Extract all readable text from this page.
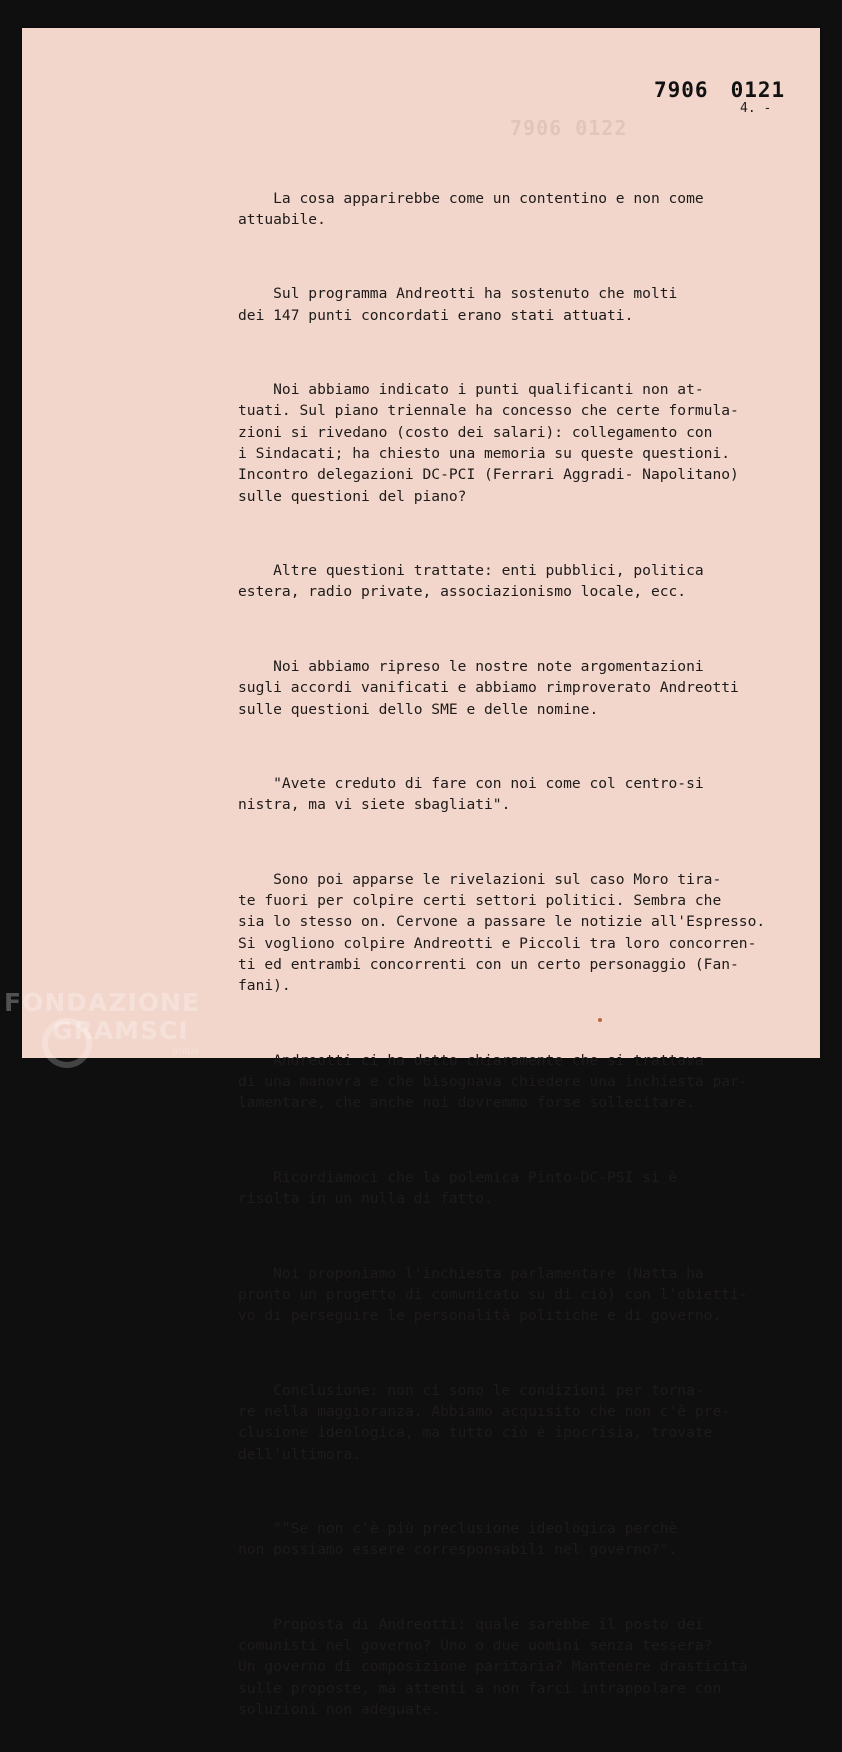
7906 0122
7906 0121
4. -

La cosa apparirebbe come un contentino e non come
attuabile.

Sul programma Andreotti ha sostenuto che molti
dei 147 punti concordati erano stati attuati.

Noi abbiamo indicato i punti qualificanti non at-
tuati. Sul piano triennale ha concesso che certe formula-
zioni si rivedano (costo dei salari): collegamento con
i Sindacati; ha chiesto una memoria su queste questioni.
Incontro delegazioni DC-PCI (Ferrari Aggradi- Napolitano)
sulle questioni del piano?

Altre questioni trattate: enti pubblici, politica
estera, radio private, associazionismo locale, ecc.

Noi abbiamo ripreso le nostre note argomentazioni
sugli accordi vanificati e abbiamo rimproverato Andreotti
sulle questioni dello SME e delle nomine.

"Avete creduto di fare con noi come col centro-si
nistra, ma vi siete sbagliati".

Sono poi apparse le rivelazioni sul caso Moro tira-
te fuori per colpire certi settori politici. Sembra che
sia lo stesso on. Cervone a passare le notizie all'Espresso.
Si vogliono colpire Andreotti e Piccoli tra loro concorren-
ti ed entrambi concorrenti con un certo personaggio (Fan-
fani).

Andreotti ci ha detto chiaramente che si trattava
di una manovra e che bisognava chiedere una inchiesta par-
lamentare, che anche noi dovremmo forse sollecitare.

Ricordiamoci che la polemica Pinto-DC-PSI si è
risolta in un nulla di fatto.

Noi proponiamo l'inchiesta parlamentare (Natta ha
pronto un progetto di comunicato su di ciò) con l'obietti-
vo di perseguire le personalità politiche e di governo.

Conclusione: non ci sono le condizioni per torna-
re nella maggioranza. Abbiamo acquisito che non c'è pre-
clusione ideologica, ma tutto ciò è ipocrisia, trovate
dell'ultimora.

""Se non c'è più preclusione ideologica perchè
non possiamo essere corresponsabili nel governo?".

Proposta di Andreotti: quale sarebbe il posto dei
comunisti nel governo? Uno o due uomini senza tessera?
Un governo di composizione paritaria? Mantenere drasticità
sulle proposte, ma attenti a non farci intrappolare con
soluzioni non adeguate.

FONDAZIONE
GRAMSCI
onlus
